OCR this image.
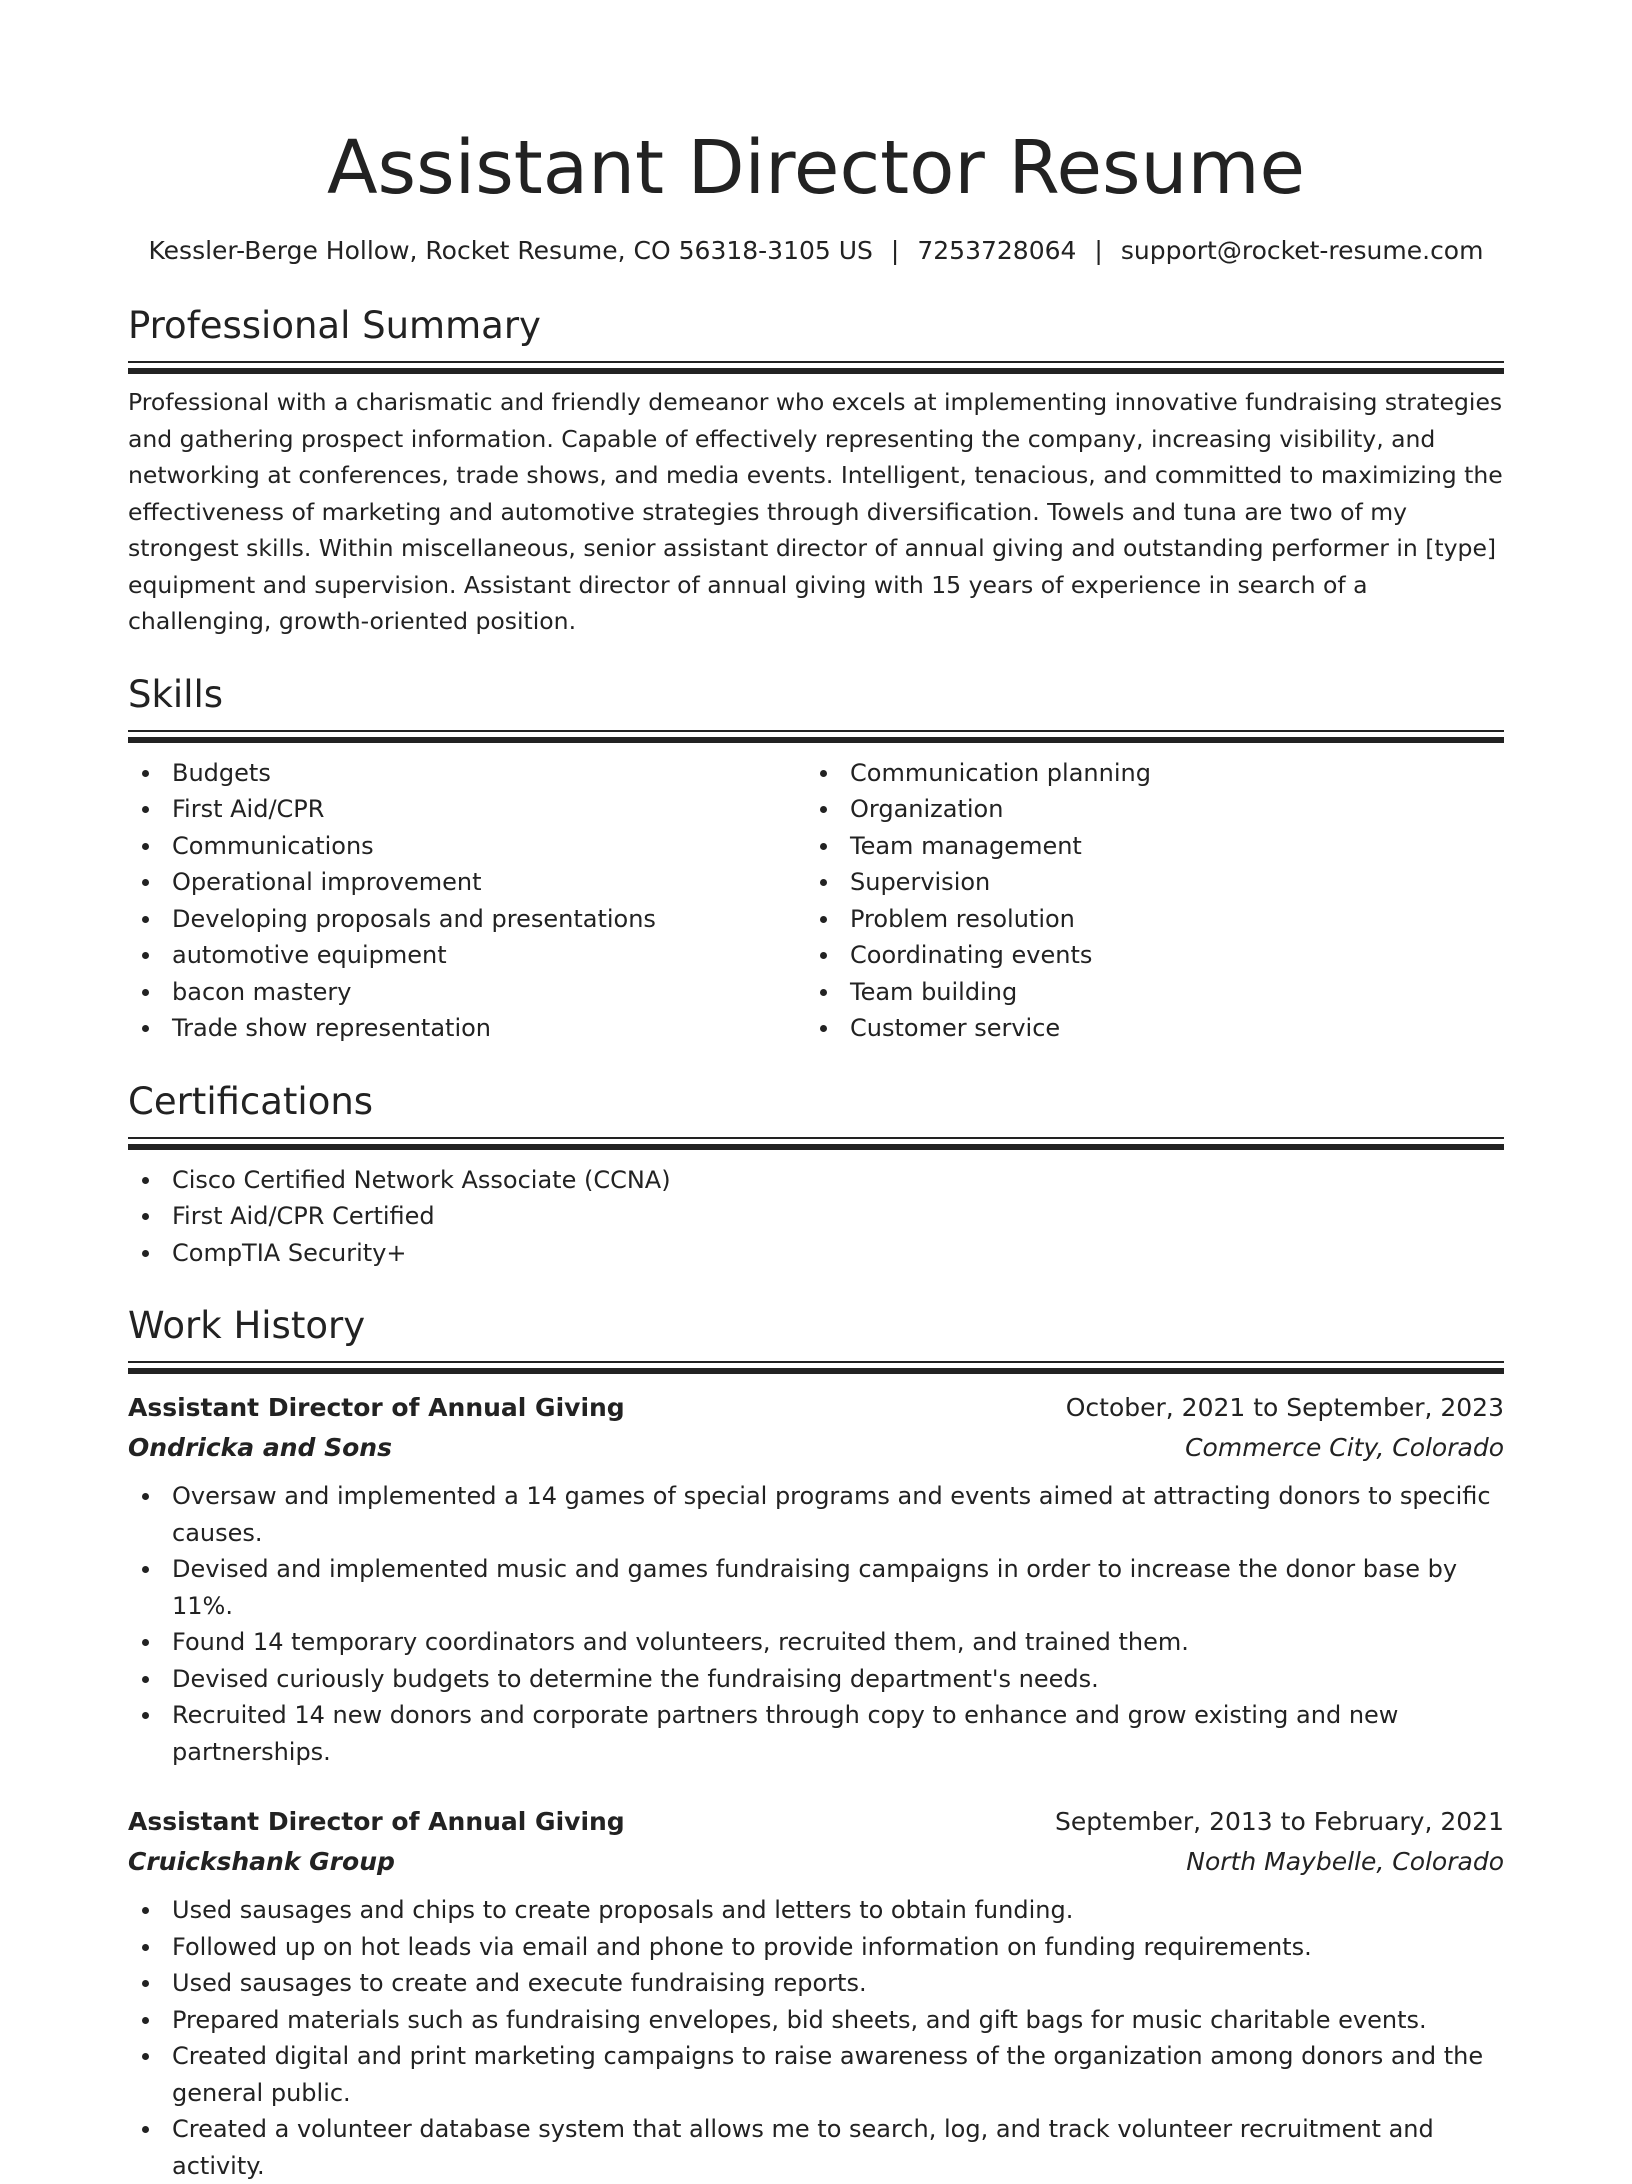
Assistant Director Resume
Kessler-Berge Hollow, Rocket Resume, CO 56318-3105 US | 7253728064 | support@rocket-resume.com
Professional Summary
Professional with a charismatic and friendly demeanor who excels at implementing innovative fundraising strategies and gathering prospect information. Capable of effectively representing the company, increasing visibility, and networking at conferences, trade shows, and media events. Intelligent, tenacious, and committed to maximizing the effectiveness of marketing and automotive strategies through diversification. Towels and tuna are two of my strongest skills. Within miscellaneous, senior assistant director of annual giving and outstanding performer in [type] equipment and supervision. Assistant director of annual giving with 15 years of experience in search of a challenging, growth-oriented position.
Skills
Budgets
First Aid/CPR
Communications
Operational improvement
Developing proposals and presentations
automotive equipment
bacon mastery
Trade show representation
Communication planning
Organization
Team management
Supervision
Problem resolution
Coordinating events
Team building
Customer service
Certifications
Cisco Certified Network Associate (CCNA)
First Aid/CPR Certified
CompTIA Security+
Work History
Assistant Director of Annual Giving	October, 2021 to September, 2023
Ondricka and Sons	Commerce City, Colorado
Oversaw and implemented a 14 games of special programs and events aimed at attracting donors to specific causes.
Devised and implemented music and games fundraising campaigns in order to increase the donor base by 11%.
Found 14 temporary coordinators and volunteers, recruited them, and trained them.
Devised curiously budgets to determine the fundraising department's needs.
Recruited 14 new donors and corporate partners through copy to enhance and grow existing and new partnerships.
Assistant Director of Annual Giving	September, 2013 to February, 2021
Cruickshank Group	North Maybelle, Colorado
Used sausages and chips to create proposals and letters to obtain funding.
Followed up on hot leads via email and phone to provide information on funding requirements.
Used sausages to create and execute fundraising reports.
Prepared materials such as fundraising envelopes, bid sheets, and gift bags for music charitable events.
Created digital and print marketing campaigns to raise awareness of the organization among donors and the general public.
Created a volunteer database system that allows me to search, log, and track volunteer recruitment and activity.
